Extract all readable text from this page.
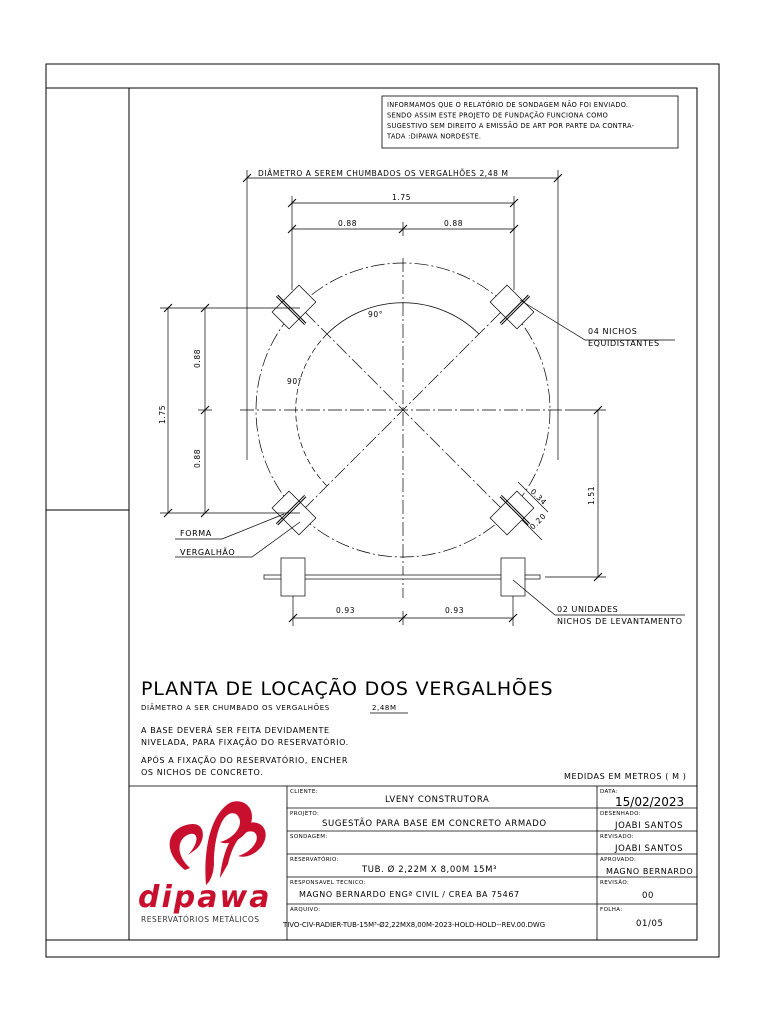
INFORMAMOS QUE O RELATÓRIO DE SONDAGEM NÃO FOI ENVIADO.
SENDO ASSIM ESTE PROJETO DE FUNDAÇÃO FUNCIONA COMO
SUGESTIVO SEM DIREITO A EMISSÃO DE ART POR PARTE DA CONTRA-
TADA :DIPAWA NORDESTE.
DIÂMETRO A SEREM CHUMBADOS OS VERGALHÕES 2,48 M
1.75
0.88	0.88
1.75
0.88
0.88
1.51
0.93	0.93
0.34
0.20
90°
90°
04 NICHOS
EQUIDISTANTES
FORMA
VERGALHÃO
02 UNIDADES
NICHOS DE LEVANTAMENTO
PLANTA DE LOCAÇÃO DOS VERGALHÕES
DIÂMETRO A SER CHUMBADO OS VERGALHÕES	2,48M
A BASE DEVERÁ SER FEITA DEVIDAMENTE
NIVELADA, PARA FIXAÇÃO DO RESERVATÓRIO.
APÓS A FIXAÇÃO DO RESERVATÓRIO, ENCHER
OS NICHOS DE CONCRETO.	MEDIDAS EM METROS ( M )
dipawa
RESERVATÓRIOS METÁLICOS
CLIENTE:
LVENY CONSTRUTORA
PROJETO:
SUGESTÃO PARA BASE EM CONCRETO ARMADO
SONDAGEM:
RESERVATÓRIO:
TUB. Ø 2,22M X 8,00M 15M³
RESPONSAVEL TECNICO:
MAGNO BERNARDO ENGª CIVIL / CREA BA 75467
ARQUIVO:
TIVO-CIV-RADIER-TUB-15M³-Ø2,22MX8,00M-2023-HOLD-HOLD--REV.00.DWG
DATA:
15/02/2023
DESENHADO:
JOABI SANTOS
REVISADO:
JOABI SANTOS
APROVADO:
MAGNO BERNARDO
REVISÃO:
00
FOLHA:
01/05
